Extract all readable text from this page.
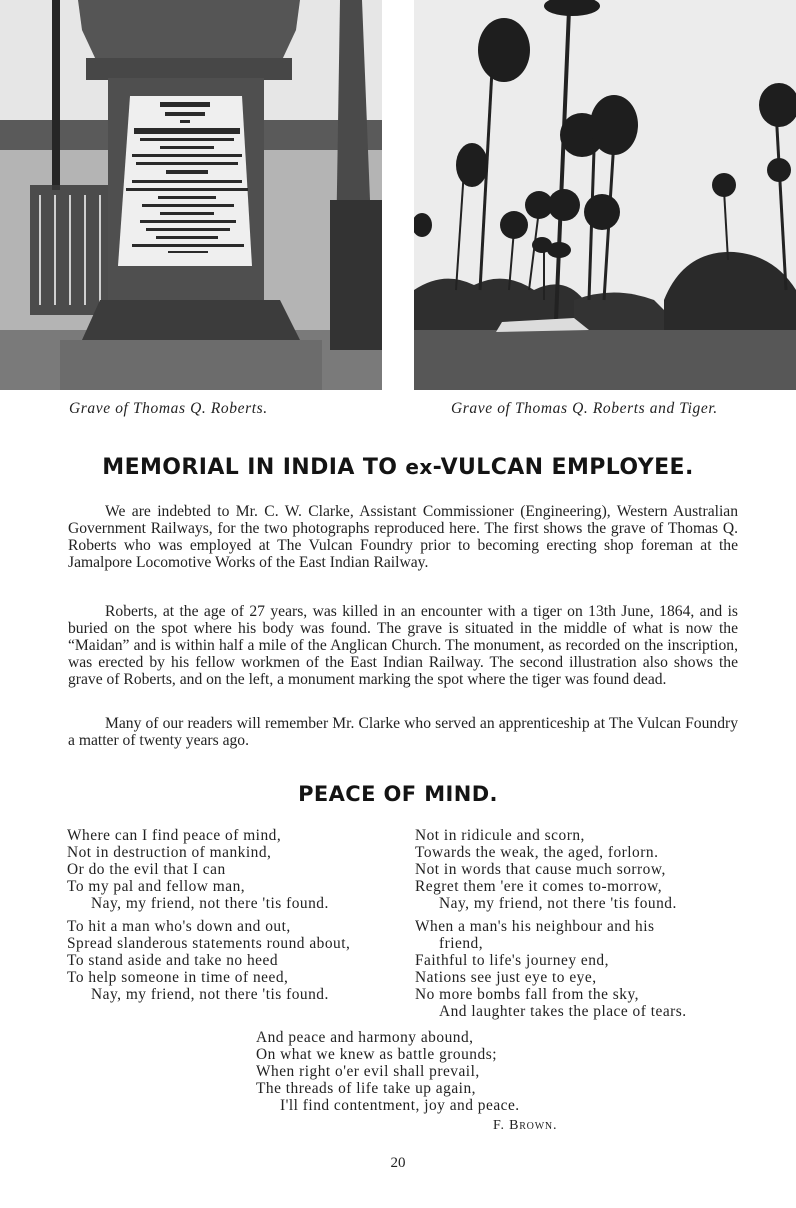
Grave of Thomas Q. Roberts.	Grave of Thomas Q. Roberts and Tiger.
MEMORIAL IN INDIA TO ex-VULCAN EMPLOYEE.

We are indebted to Mr. C. W. Clarke, Assistant Commissioner (Engineering), Western Australian Government Railways, for the two photographs reproduced here. The first shows the grave of Thomas Q. Roberts who was employed at The Vulcan Foundry prior to becoming erecting shop foreman at the Jamalpore Locomotive Works of the East Indian Railway.

Roberts, at the age of 27 years, was killed in an encounter with a tiger on 13th June, 1864, and is buried on the spot where his body was found. The grave is situated in the middle of what is now the “Maidan” and is within half a mile of the Anglican Church. The monument, as recorded on the inscription, was erected by his fellow workmen of the East Indian Railway. The second illustration also shows the grave of Roberts, and on the left, a monument marking the spot where the tiger was found dead.

Many of our readers will remember Mr. Clarke who served an apprenticeship at The Vulcan Foundry a matter of twenty years ago.

PEACE OF MIND.
Where can I find peace of mind,
Not in destruction of mankind,
Or do the evil that I can
To my pal and fellow man,
Nay, my friend, not there 'tis found.
To hit a man who's down and out,
Spread slanderous statements round about,
To stand aside and take no heed
To help someone in time of need,
Nay, my friend, not there 'tis found.
Not in ridicule and scorn,
Towards the weak, the aged, forlorn.
Not in words that cause much sorrow,
Regret them 'ere it comes to-morrow,
Nay, my friend, not there 'tis found.
When a man's his neighbour and his
friend,
Faithful to life's journey end,
Nations see just eye to eye,
No more bombs fall from the sky,
And laughter takes the place of tears.
And peace and harmony abound,
On what we knew as battle grounds;
When right o'er evil shall prevail,
The threads of life take up again,
I'll find contentment, joy and peace.
F. Brown.
20
